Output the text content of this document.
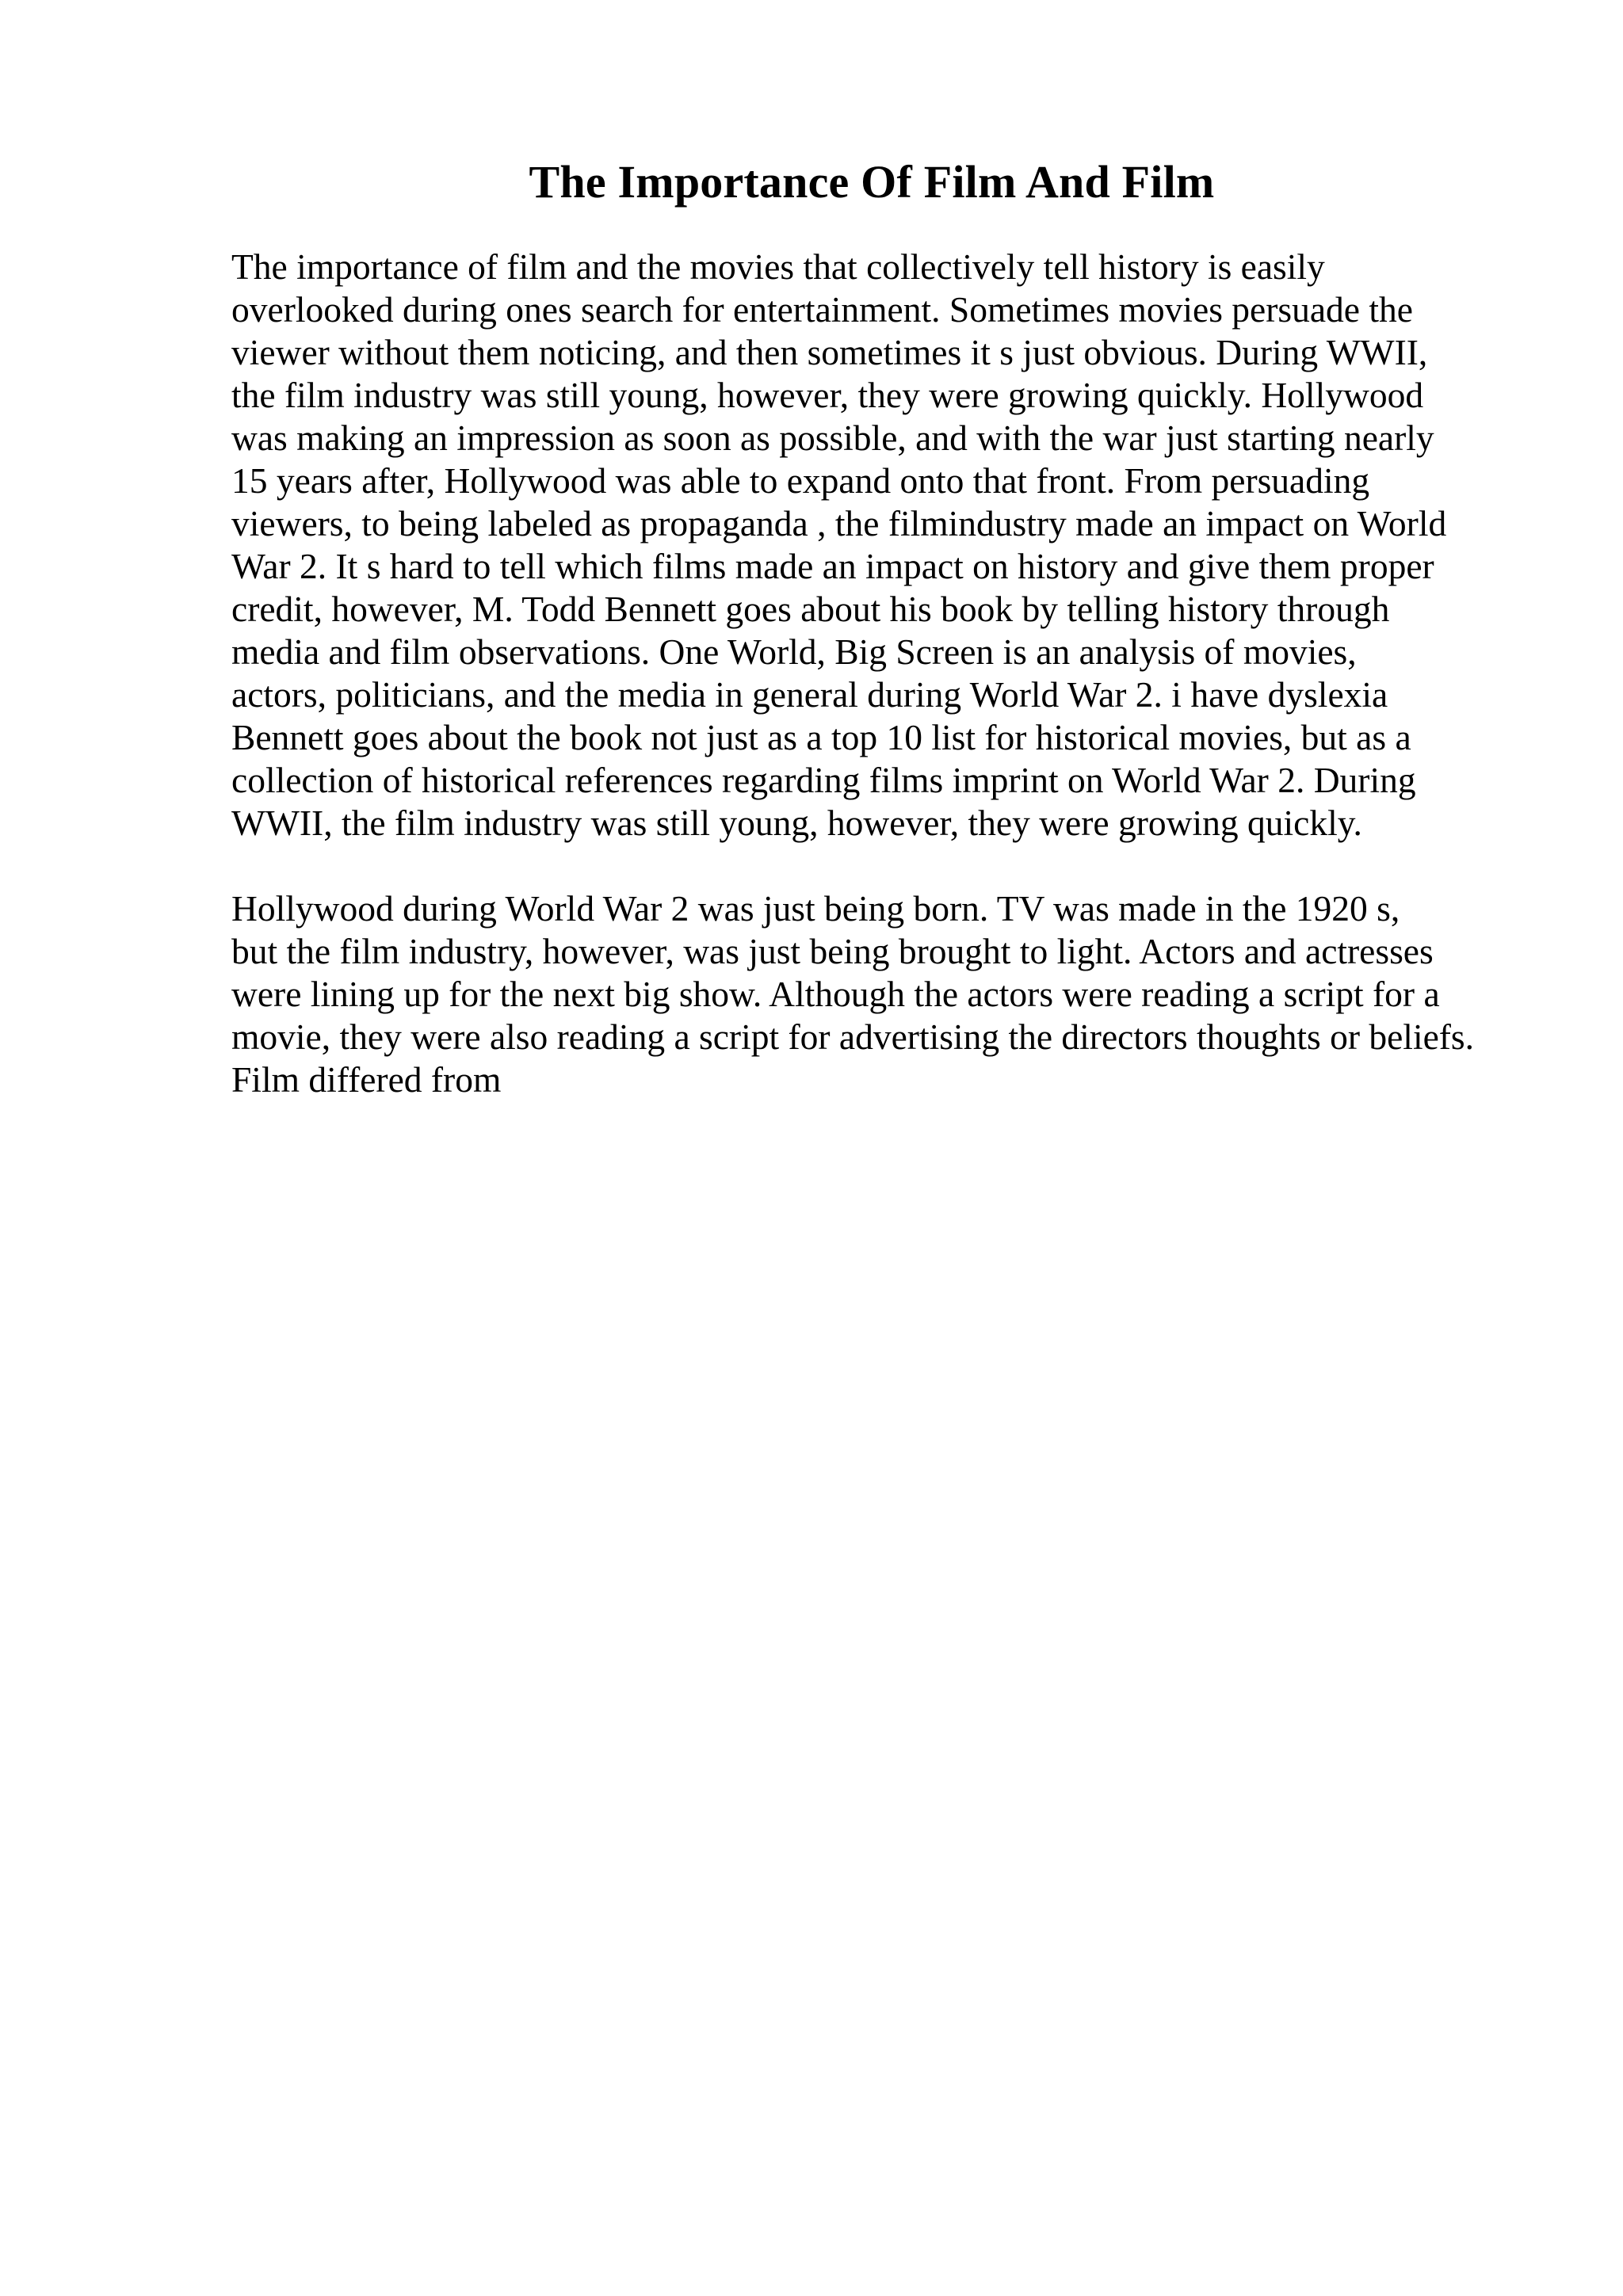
The Importance Of Film And Film
The importance of film and the movies that collectively tell history is easily
overlooked during ones search for entertainment. Sometimes movies persuade the
viewer without them noticing, and then sometimes it s just obvious. During WWII,
the film industry was still young, however, they were growing quickly. Hollywood
was making an impression as soon as possible, and with the war just starting nearly
15 years after, Hollywood was able to expand onto that front. From persuading
viewers, to being labeled as propaganda , the filmindustry made an impact on World
War 2. It s hard to tell which films made an impact on history and give them proper
credit, however, M. Todd Bennett goes about his book by telling history through
media and film observations. One World, Big Screen is an analysis of movies,
actors, politicians, and the media in general during World War 2. i have dyslexia
Bennett goes about the book not just as a top 10 list for historical movies, but as a
collection of historical references regarding films imprint on World War 2. During
WWII, the film industry was still young, however, they were growing quickly.
Hollywood during World War 2 was just being born. TV was made in the 1920 s,
but the film industry, however, was just being brought to light. Actors and actresses
were lining up for the next big show. Although the actors were reading a script for a
movie, they were also reading a script for advertising the directors thoughts or beliefs.
Film differed from
